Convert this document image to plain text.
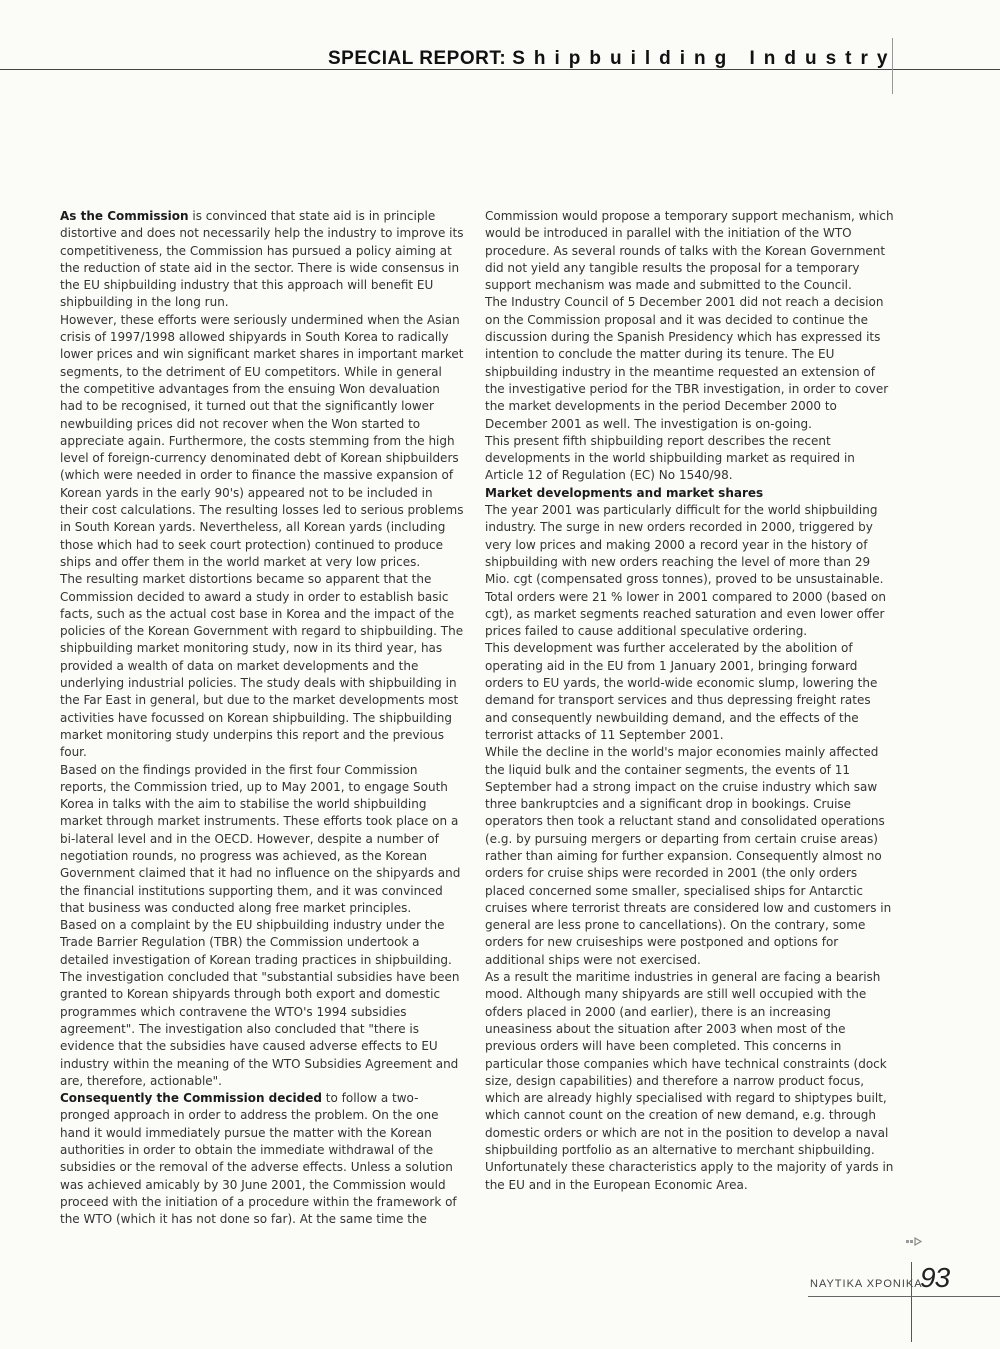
SPECIAL REPORT: Shipbuilding Industry

As the Commission is convinced that state aid is in principle distortive and does not necessarily help the industry to improve its competitiveness, the Commission has pursued a policy aiming at the reduction of state aid in the sector. There is wide consensus in the EU shipbuilding industry that this approach will benefit EU shipbuilding in the long run.

However, these efforts were seriously undermined when the Asian crisis of 1997/1998 allowed shipyards in South Korea to radically lower prices and win significant market shares in important market segments, to the detriment of EU competitors. While in general the competitive advantages from the ensuing Won devaluation had to be recognised, it turned out that the significantly lower newbuilding prices did not recover when the Won started to appreciate again. Furthermore, the costs stemming from the high level of foreign-currency denominated debt of Korean shipbuilders (which were needed in order to finance the massive expansion of Korean yards in the early 90's) appeared not to be included in their cost calculations. The resulting losses led to serious problems in South Korean yards. Nevertheless, all Korean yards (including those which had to seek court protection) continued to produce ships and offer them in the world market at very low prices.

The resulting market distortions became so apparent that the Commission decided to award a study in order to establish basic facts, such as the actual cost base in Korea and the impact of the policies of the Korean Government with regard to shipbuilding. The shipbuilding market monitoring study, now in its third year, has provided a wealth of data on market developments and the underlying industrial policies. The study deals with shipbuilding in the Far East in general, but due to the market developments most activities have focussed on Korean shipbuilding. The shipbuilding market monitoring study underpins this report and the previous four.

Based on the findings provided in the first four Commission reports, the Commission tried, up to May 2001, to engage South Korea in talks with the aim to stabilise the world shipbuilding market through market instruments. These efforts took place on a bi-lateral level and in the OECD. However, despite a number of negotiation rounds, no progress was achieved, as the Korean Government claimed that it had no influence on the shipyards and the financial institutions supporting them, and it was convinced that business was conducted along free market principles.

Based on a complaint by the EU shipbuilding industry under the Trade Barrier Regulation (TBR) the Commission undertook a detailed investigation of Korean trading practices in shipbuilding. The investigation concluded that "substantial subsidies have been granted to Korean shipyards through both export and domestic programmes which contravene the WTO's 1994 subsidies agreement". The investigation also concluded that "there is evidence that the subsidies have caused adverse effects to EU industry within the meaning of the WTO Subsidies Agreement and are, therefore, actionable".

Consequently the Commission decided to follow a two-pronged approach in order to address the problem. On the one hand it would immediately pursue the matter with the Korean authorities in order to obtain the immediate withdrawal of the subsidies or the removal of the adverse effects. Unless a solution was achieved amicably by 30 June 2001, the Commission would proceed with the initiation of a procedure within the framework of the WTO (which it has not done so far). At the same time the

Commission would propose a temporary support mechanism, which would be introduced in parallel with the initiation of the WTO procedure. As several rounds of talks with the Korean Government did not yield any tangible results the proposal for a temporary support mechanism was made and submitted to the Council.

The Industry Council of 5 December 2001 did not reach a decision on the Commission proposal and it was decided to continue the discussion during the Spanish Presidency which has expressed its intention to conclude the matter during its tenure. The EU shipbuilding industry in the meantime requested an extension of the investigative period for the TBR investigation, in order to cover the market developments in the period December 2000 to December 2001 as well. The investigation is on-going.

This present fifth shipbuilding report describes the recent developments in the world shipbuilding market as required in Article 12 of Regulation (EC) No 1540/98.

Market developments and market shares

The year 2001 was particularly difficult for the world shipbuilding industry. The surge in new orders recorded in 2000, triggered by very low prices and making 2000 a record year in the history of shipbuilding with new orders reaching the level of more than 29 Mio. cgt (compensated gross tonnes), proved to be unsustainable. Total orders were 21 % lower in 2001 compared to 2000 (based on cgt), as market segments reached saturation and even lower offer prices failed to cause additional speculative ordering.

This development was further accelerated by the abolition of operating aid in the EU from 1 January 2001, bringing forward orders to EU yards, the world-wide economic slump, lowering the demand for transport services and thus depressing freight rates and consequently newbuilding demand, and the effects of the terrorist attacks of 11 September 2001.

While the decline in the world's major economies mainly affected the liquid bulk and the container segments, the events of 11 September had a strong impact on the cruise industry which saw three bankruptcies and a significant drop in bookings. Cruise operators then took a reluctant stand and consolidated operations (e.g. by pursuing mergers or departing from certain cruise areas) rather than aiming for further expansion. Consequently almost no orders for cruise ships were recorded in 2001 (the only orders placed concerned some smaller, specialised ships for Antarctic cruises where terrorist threats are considered low and customers in general are less prone to cancellations). On the contrary, some orders for new cruiseships were postponed and options for additional ships were not exercised.

As a result the maritime industries in general are facing a bearish mood. Although many shipyards are still well occupied with the ofders placed in 2000 (and earlier), there is an increasing uneasiness about the situation after 2003 when most of the previous orders will have been completed. This concerns in particular those companies which have technical constraints (dock size, design capabilities) and therefore a narrow product focus, which are already highly specialised with regard to shiptypes built, which cannot count on the creation of new demand, e.g. through domestic orders or which are not in the position to develop a naval shipbuilding portfolio as an alternative to merchant shipbuilding. Unfortunately these characteristics apply to the majority of yards in the EU and in the European Economic Area.

ΝΑΥΤΙΚΑ ΧΡΟΝΙΚΑ
93
